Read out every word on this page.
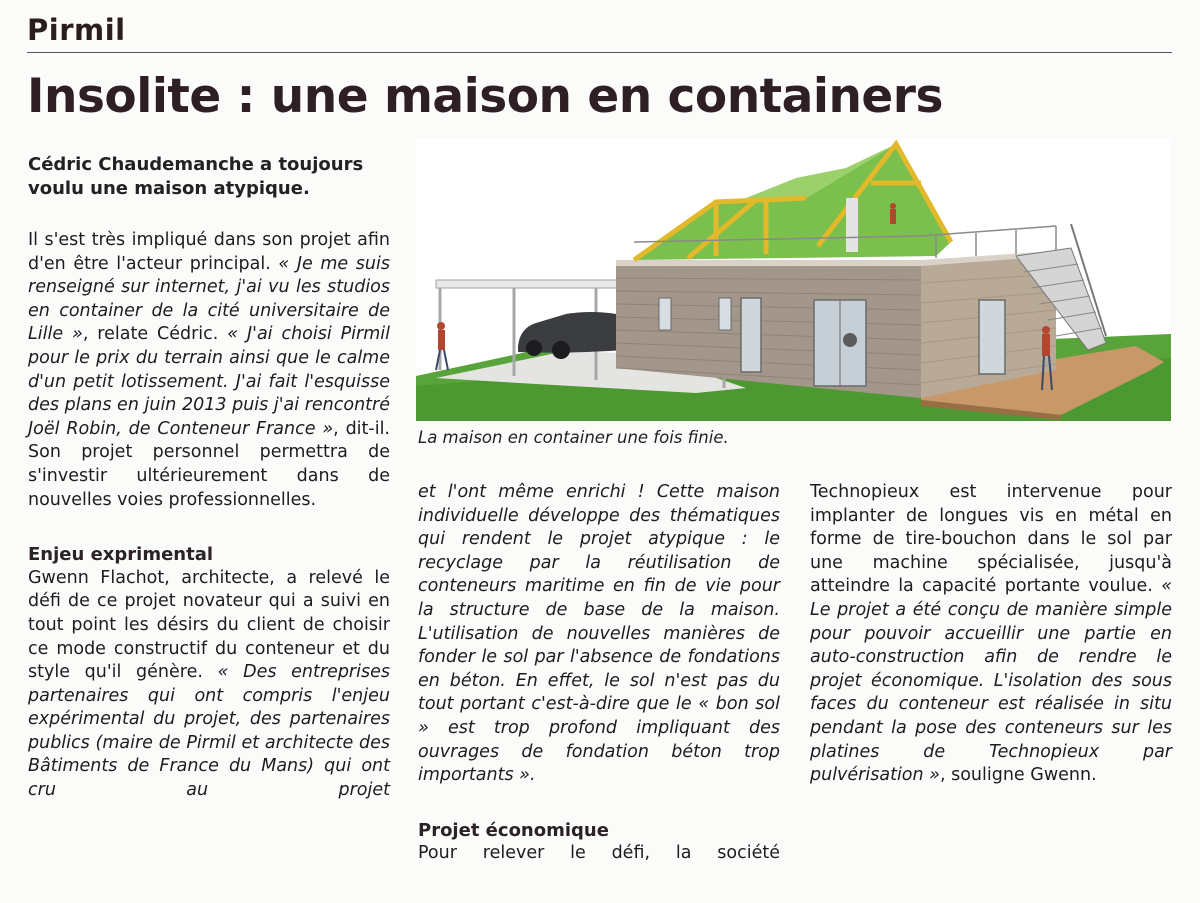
Pirmil
Insolite : une maison en containers
Cédric Chaudemanche a toujours voulu une maison atypique.

Il s'est très impliqué dans son projet afin d'en être l'acteur principal. « Je me suis renseigné sur internet, j'ai vu les studios en container de la cité universitaire de Lille », relate Cédric. « J'ai choisi Pirmil pour le prix du terrain ainsi que le calme d'un petit lotissement. J'ai fait l'esquisse des plans en juin 2013 puis j'ai rencontré Joël Robin, de Conteneur France », dit-il. Son projet personnel permettra de s'investir ultérieurement dans de nouvelles voies professionnelles.

Enjeu exprimental

Gwenn Flachot, architecte, a relevé le défi de ce projet novateur qui a suivi en tout point les désirs du client de choisir ce mode constructif du conteneur et du style qu'il génère. « Des entreprises partenaires qui ont compris l'enjeu expérimental du projet, des partenaires publics (maire de Pirmil et architecte des Bâtiments de France du Mans) qui ont cru au projet

La maison en container une fois finie.

et l'ont même enrichi ! Cette maison individuelle développe des thématiques qui rendent le projet atypique : le recyclage par la réutilisation de conteneurs maritime en fin de vie pour la structure de base de la maison. L'utilisation de nouvelles manières de fonder le sol par l'absence de fondations en béton. En effet, le sol n'est pas du tout portant c'est-à-dire que le « bon sol » est trop profond impliquant des ouvrages de fondation béton trop importants ».

Projet économique

Pour relever le défi, la société

Technopieux est intervenue pour implanter de longues vis en métal en forme de tire-bouchon dans le sol par une machine spécialisée, jusqu'à atteindre la capacité portante voulue. « Le projet a été conçu de manière simple pour pouvoir accueillir une partie en auto-construction afin de rendre le projet économique. L'isolation des sous faces du conteneur est réalisée in situ pendant la pose des conteneurs sur les platines de Technopieux par pulvérisation », souligne Gwenn.
